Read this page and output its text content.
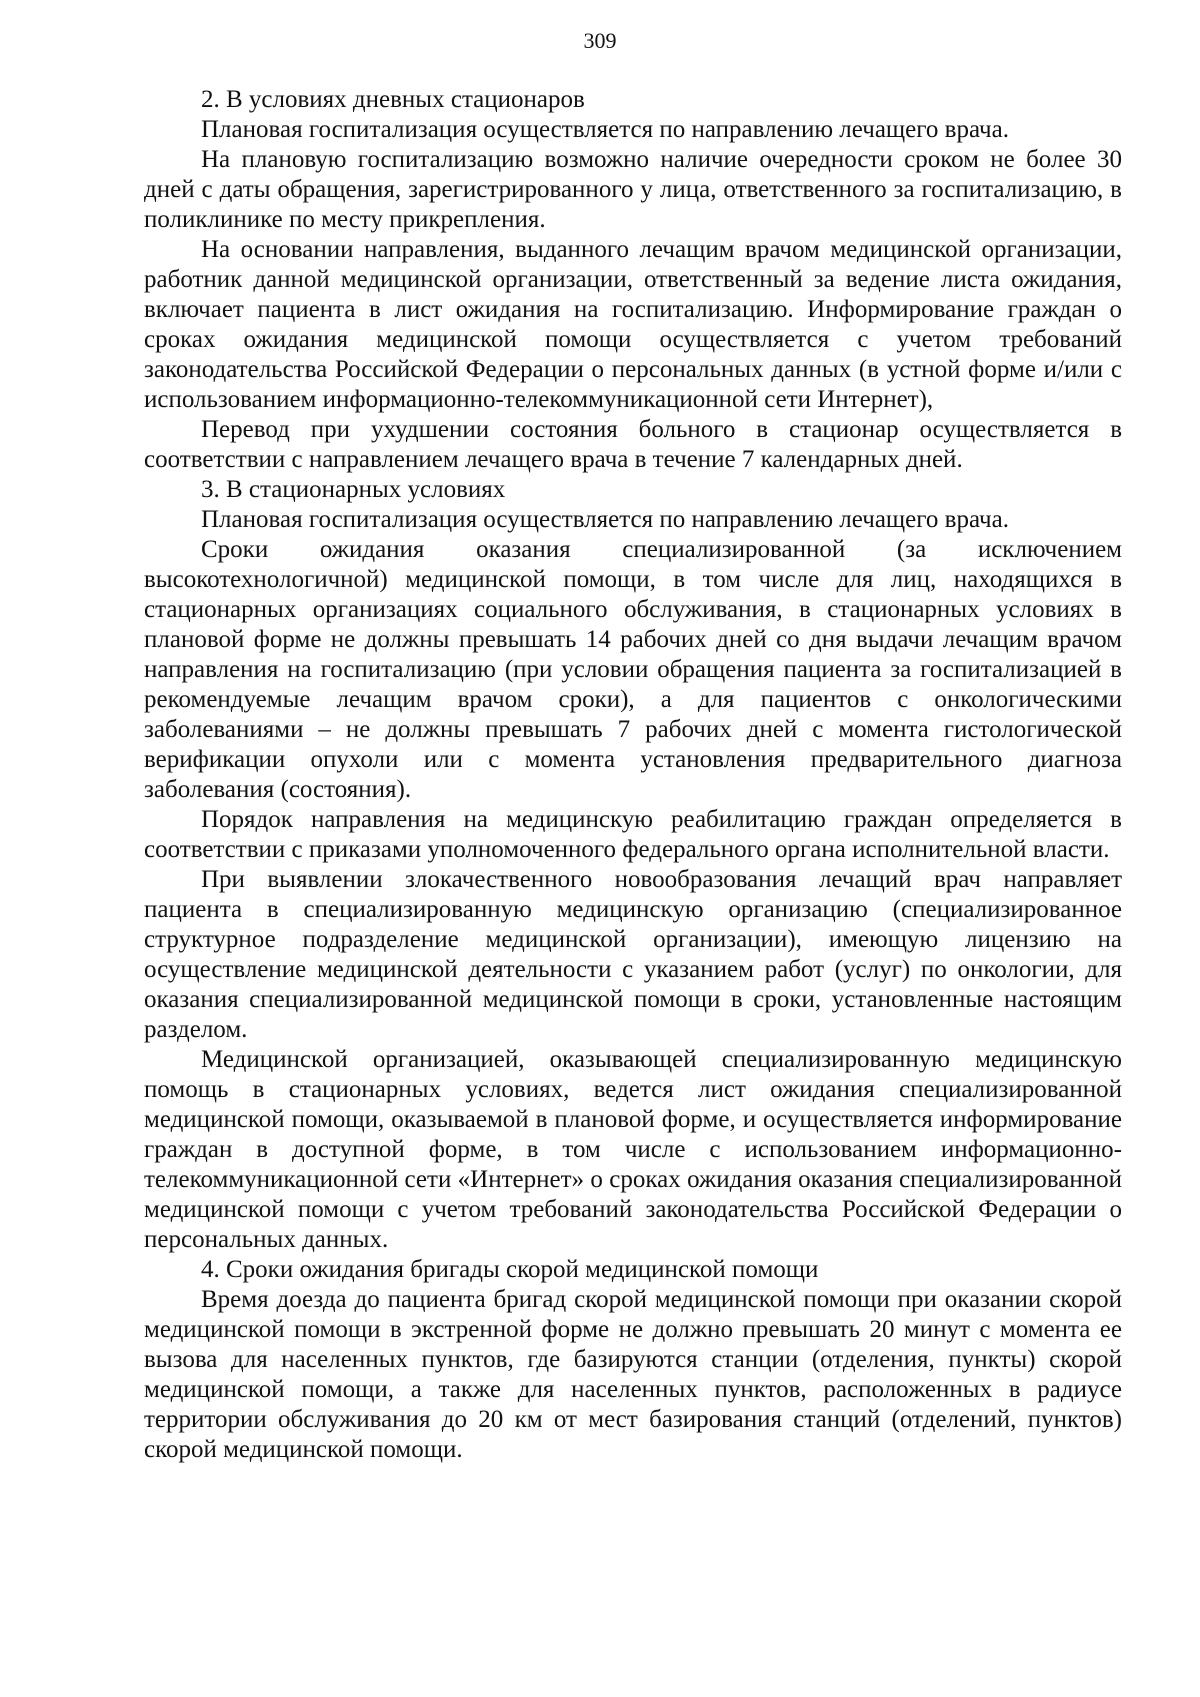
309

2. В условиях дневных стационаров

Плановая госпитализация осуществляется по направлению лечащего врача.

На плановую госпитализацию возможно наличие очередности сроком не более 30 дней с даты обращения, зарегистрированного у лица, ответственного за госпитализацию, в поликлинике по месту прикрепления.

На основании направления, выданного лечащим врачом медицинской организации, работник данной медицинской организации, ответственный за ведение листа ожидания, включает пациента в лист ожидания на госпитализацию. Информирование граждан о сроках ожидания медицинской помощи осуществляется с учетом требований законодательства Российской Федерации о персональных данных (в устной форме и/или с использованием информационно-телекоммуникационной сети Интернет),

Перевод при ухудшении состояния больного в стационар осуществляется в соответствии с направлением лечащего врача в течение 7 календарных дней.

3. В стационарных условиях

Плановая госпитализация осуществляется по направлению лечащего врача.

Сроки ожидания оказания специализированной (за исключением высокотехнологичной) медицинской помощи, в том числе для лиц, находящихся в стационарных организациях социального обслуживания, в стационарных условиях в плановой форме не должны превышать 14 рабочих дней со дня выдачи лечащим врачом направления на госпитализацию (при условии обращения пациента за госпитализацией в рекомендуемые лечащим врачом сроки), а для пациентов с онкологическими заболеваниями – не должны превышать 7 рабочих дней с момента гистологической верификации опухоли или с момента установления предварительного диагноза заболевания (состояния).

Порядок направления на медицинскую реабилитацию граждан определяется в соответствии с приказами уполномоченного федерального органа исполнительной власти.

При выявлении злокачественного новообразования лечащий врач направляет пациента в специализированную медицинскую организацию (специализированное структурное подразделение медицинской организации), имеющую лицензию на осуществление медицинской деятельности с указанием работ (услуг) по онкологии, для оказания специализированной медицинской помощи в сроки, установленные настоящим разделом.

Медицинской организацией, оказывающей специализированную медицинскую помощь в стационарных условиях, ведется лист ожидания специализированной медицинской помощи, оказываемой в плановой форме, и осуществляется информирование граждан в доступной форме, в том числе с использованием информационно-телекоммуникационной сети «Интернет» о сроках ожидания оказания специализированной медицинской помощи с учетом требований законодательства Российской Федерации о персональных данных.

4. Сроки ожидания бригады скорой медицинской помощи

Время доезда до пациента бригад скорой медицинской помощи при оказании скорой медицинской помощи в экстренной форме не должно превышать 20 минут с момента ее вызова для населенных пунктов, где базируются станции (отделения, пункты) скорой медицинской помощи, а также для населенных пунктов, расположенных в радиусе территории обслуживания до 20 км от мест базирования станций (отделений, пунктов) скорой медицинской помощи.
